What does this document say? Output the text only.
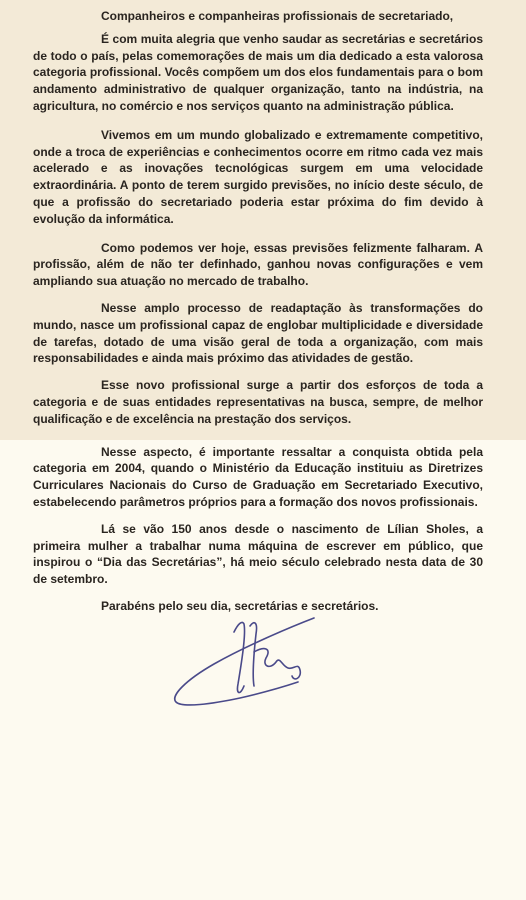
Companheiros e companheiras profissionais de secretariado,

É com muita alegria que venho saudar as secretárias e secretários de todo o país, pelas comemorações de mais um dia dedicado a esta valorosa categoria profissional. Vocês compõem um dos elos fundamentais para o bom andamento administrativo de qualquer organização, tanto na indústria, na agricultura, no comércio e nos serviços quanto na administração pública.

Vivemos em um mundo globalizado e extremamente competitivo, onde a troca de experiências e conhecimentos ocorre em ritmo cada vez mais acelerado e as inovações tecnológicas surgem em uma velocidade extraordinária. A ponto de terem surgido previsões, no início deste século, de que a profissão do secretariado poderia estar próxima do fim devido à evolução da informática.

Como podemos ver hoje, essas previsões felizmente falharam. A profissão, além de não ter definhado, ganhou novas configurações e vem ampliando sua atuação no mercado de trabalho.

Nesse amplo processo de readaptação às transformações do mundo, nasce um profissional capaz de englobar multiplicidade e diversidade de tarefas, dotado de uma visão geral de toda a organização, com mais responsabilidades e ainda mais próximo das atividades de gestão.

Esse novo profissional surge a partir dos esforços de toda a categoria e de suas entidades representativas na busca, sempre, de melhor qualificação e de excelência na prestação dos serviços.

Nesse aspecto, é importante ressaltar a conquista obtida pela categoria em 2004, quando o Ministério da Educação instituiu as Diretrizes Curriculares Nacionais do Curso de Graduação em Secretariado Executivo, estabelecendo parâmetros próprios para a formação dos novos profissionais.

Lá se vão 150 anos desde o nascimento de Lílian Sholes, a primeira mulher a trabalhar numa máquina de escrever em público, que inspirou o “Dia das Secretárias”, há meio século celebrado nesta data de 30 de setembro.

Parabéns pelo seu dia, secretárias e secretários.
